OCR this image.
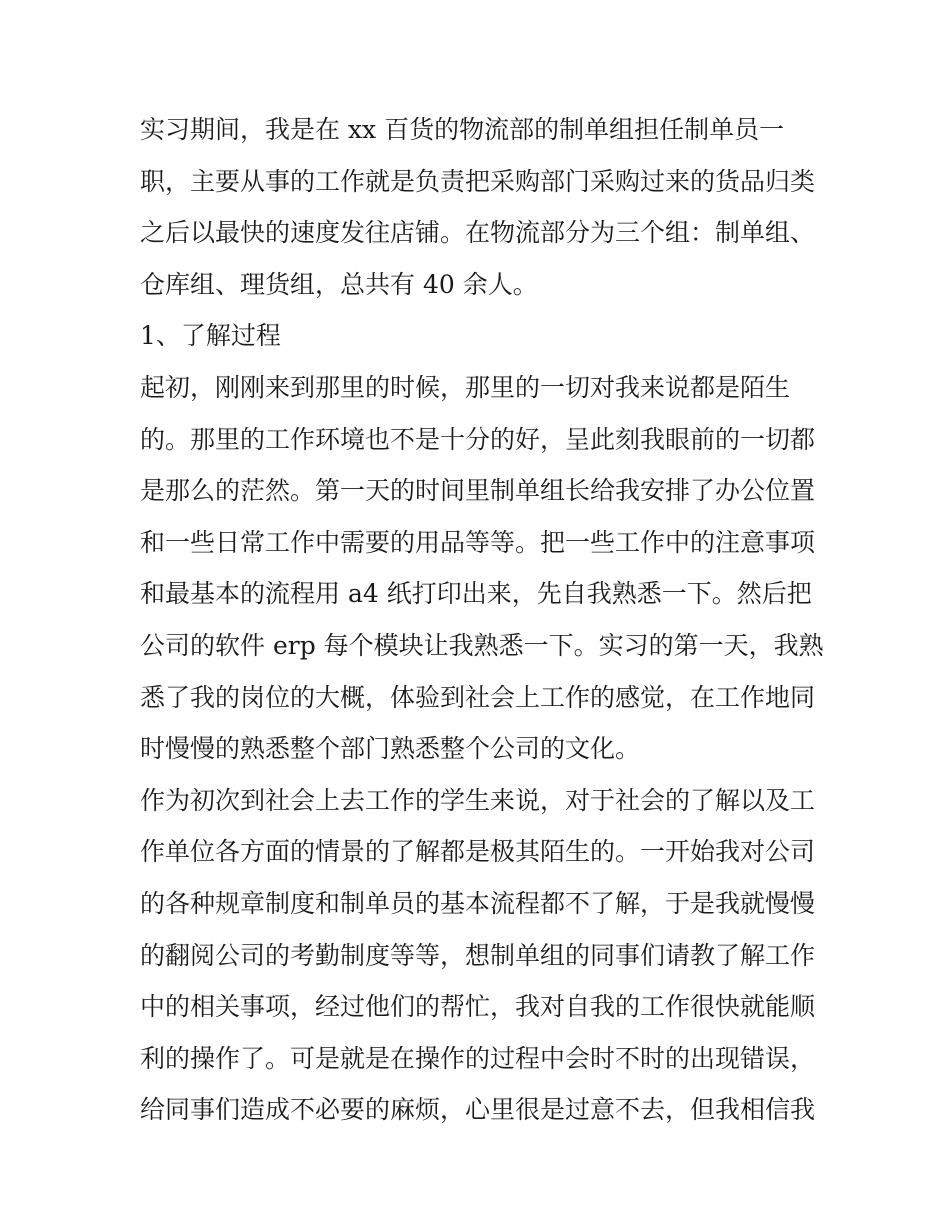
实习期间，我是在 xx 百货的物流部的制单组担任制单员一
职，主要从事的工作就是负责把采购部门采购过来的货品归类
之后以最快的速度发往店铺。在物流部分为三个组：制单组、
仓库组、理货组，总共有 40 余人。
1、了解过程
起初，刚刚来到那里的时候，那里的一切对我来说都是陌生
的。那里的工作环境也不是十分的好，呈此刻我眼前的一切都
是那么的茫然。第一天的时间里制单组长给我安排了办公位置
和一些日常工作中需要的用品等等。把一些工作中的注意事项
和最基本的流程用 a4 纸打印出来，先自我熟悉一下。然后把
公司的软件 erp 每个模块让我熟悉一下。实习的第一天，我熟
悉了我的岗位的大概，体验到社会上工作的感觉，在工作地同
时慢慢的熟悉整个部门熟悉整个公司的文化。
作为初次到社会上去工作的学生来说，对于社会的了解以及工
作单位各方面的情景的了解都是极其陌生的。一开始我对公司
的各种规章制度和制单员的基本流程都不了解，于是我就慢慢
的翻阅公司的考勤制度等等，想制单组的同事们请教了解工作
中的相关事项，经过他们的帮忙，我对自我的工作很快就能顺
利的操作了。可是就是在操作的过程中会时不时的出现错误，
给同事们造成不必要的麻烦，心里很是过意不去，但我相信我
